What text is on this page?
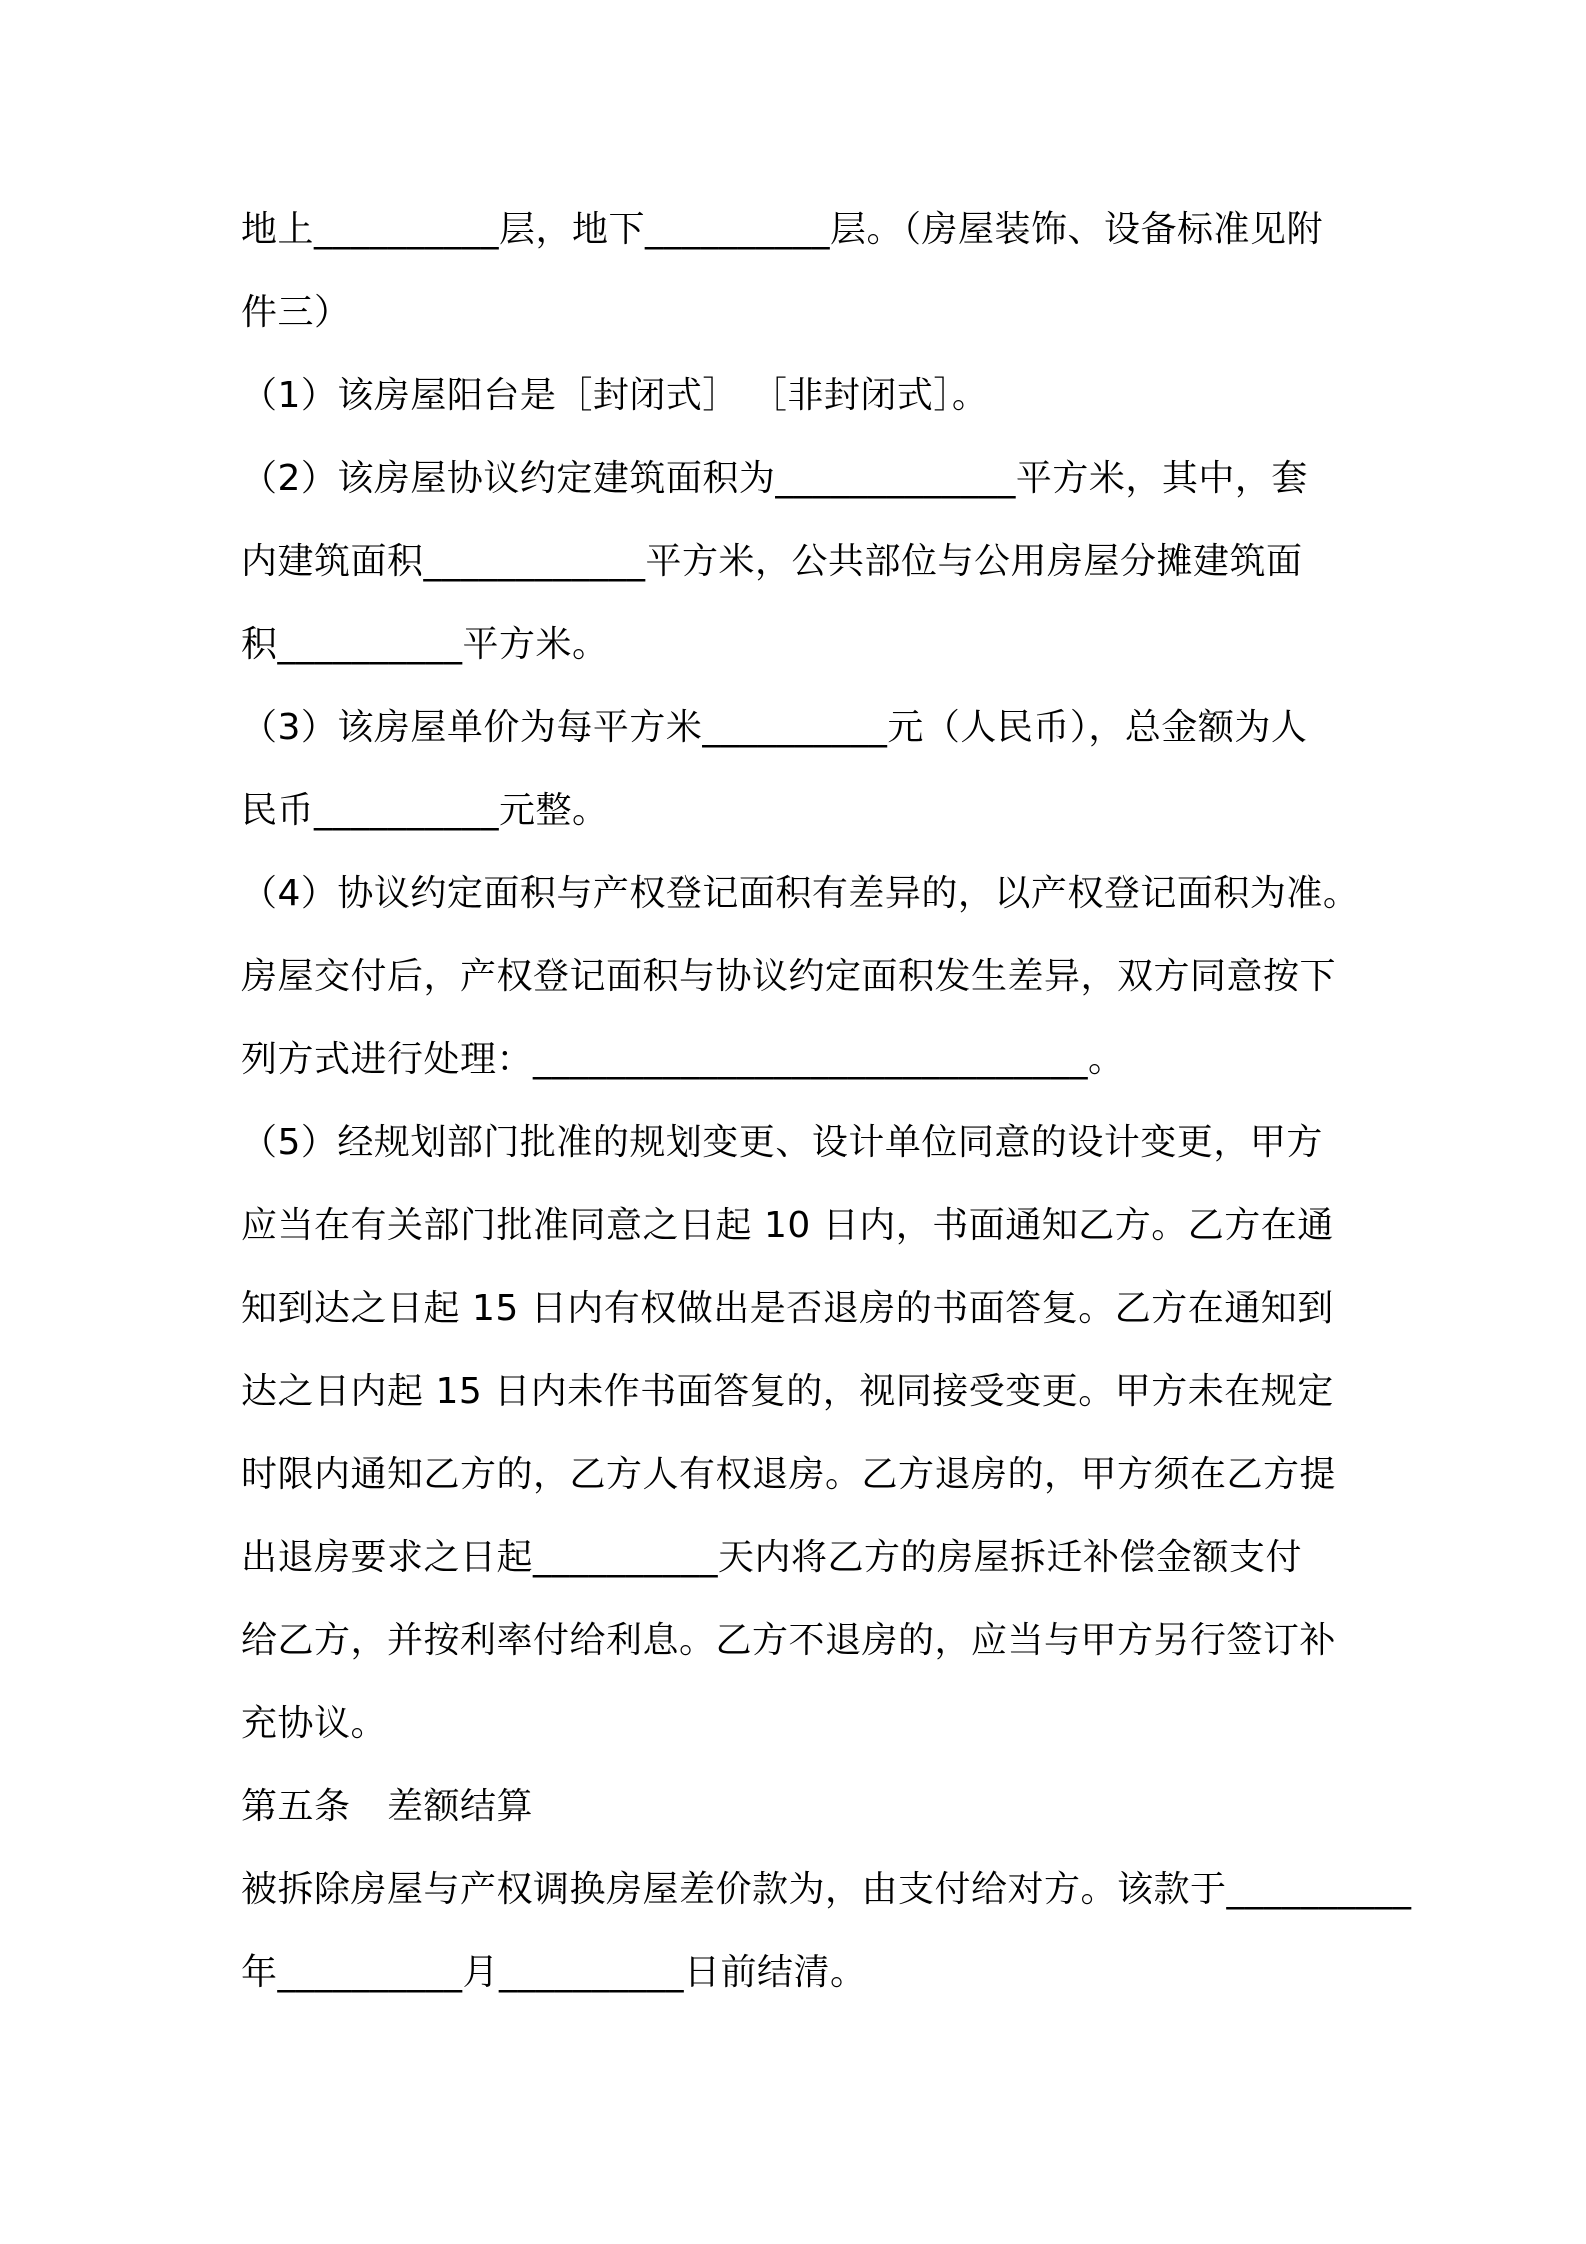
地上__________层，地下__________层。（房屋装饰、设备标准见附
件三）
（1）该房屋阳台是［封闭式］ ［非封闭式］。
（2）该房屋协议约定建筑面积为_____________平方米，其中，套
内建筑面积____________平方米，公共部位与公用房屋分摊建筑面
积__________平方米。
（3）该房屋单价为每平方米__________元（人民币），总金额为人
民币__________元整。
（4）协议约定面积与产权登记面积有差异的，以产权登记面积为准。
房屋交付后，产权登记面积与协议约定面积发生差异，双方同意按下
列方式进行处理：______________________________。
（5）经规划部门批准的规划变更、设计单位同意的设计变更，甲方
应当在有关部门批准同意之日起 10 日内，书面通知乙方。乙方在通
知到达之日起 15 日内有权做出是否退房的书面答复。乙方在通知到
达之日内起 15 日内未作书面答复的，视同接受变更。甲方未在规定
时限内通知乙方的，乙方人有权退房。乙方退房的，甲方须在乙方提
出退房要求之日起__________天内将乙方的房屋拆迁补偿金额支付
给乙方，并按利率付给利息。乙方不退房的，应当与甲方另行签订补
充协议。
第五条　差额结算
被拆除房屋与产权调换房屋差价款为，由支付给对方。该款于__________
年__________月__________日前结清。
